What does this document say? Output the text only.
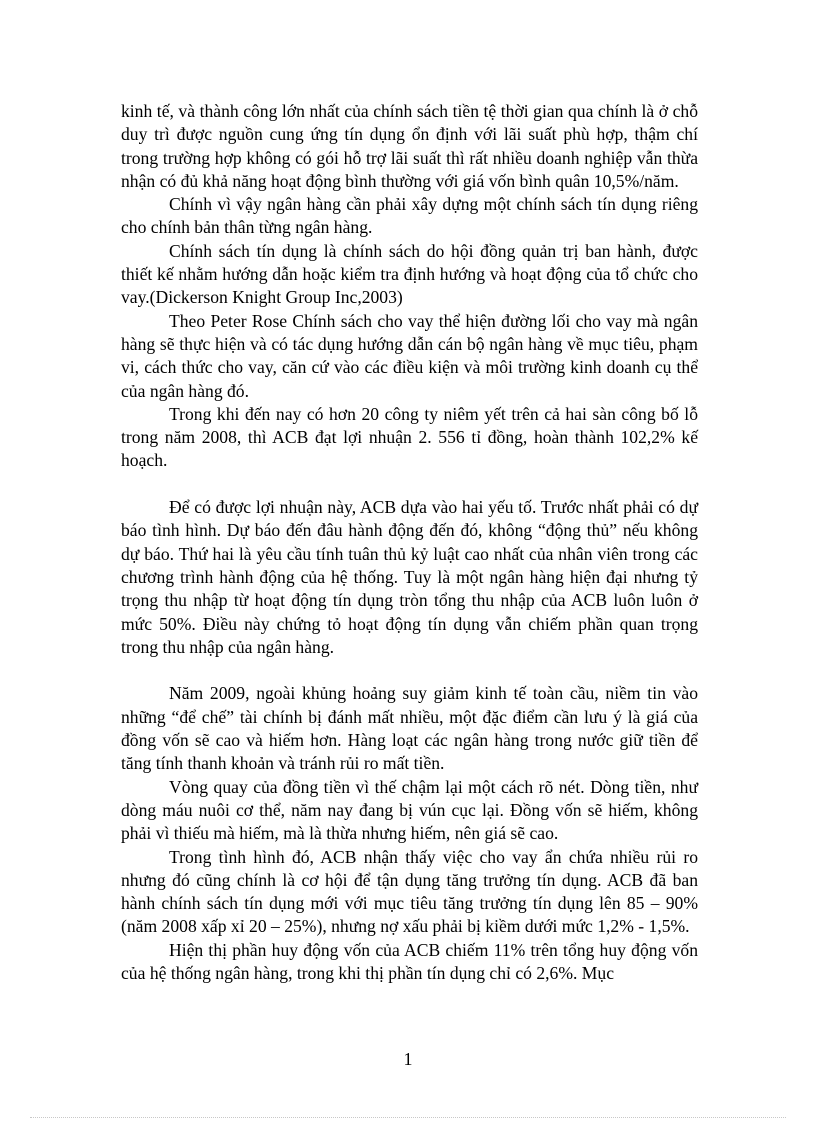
kinh tế, và thành công lớn nhất của chính sách tiền tệ thời gian qua chính là ở chỗ duy trì được nguồn cung ứng tín dụng ổn định với lãi suất phù hợp, thậm chí trong trường hợp không có gói hỗ trợ lãi suất thì rất nhiều doanh nghiệp vẫn thừa nhận có đủ khả năng hoạt động bình thường với giá vốn bình quân 10,5%/năm.

Chính vì vậy ngân hàng cần phải xây dựng một chính sách tín dụng riêng cho chính bản thân từng ngân hàng.

Chính sách tín dụng là chính sách do hội đồng quản trị ban hành, được thiết kế nhằm hướng dẫn hoặc kiểm tra định hướng và hoạt động của tổ chức cho vay.(Dickerson Knight Group Inc,2003)

Theo Peter Rose Chính sách cho vay thể hiện đường lối cho vay mà ngân hàng sẽ thực hiện và có tác dụng hướng dẫn cán bộ ngân hàng về mục tiêu, phạm vi, cách thức cho vay, căn cứ vào các điều kiện và môi trường kinh doanh cụ thể của ngân hàng đó.

Trong khi đến nay có hơn 20 công ty niêm yết trên cả hai sàn công bố lỗ trong năm 2008, thì ACB đạt lợi nhuận 2. 556 tỉ đồng, hoàn thành 102,2% kế hoạch.

Để có được lợi nhuận này, ACB dựa vào hai yếu tố. Trước nhất phải có dự báo tình hình. Dự báo đến đâu hành động đến đó, không “động thủ” nếu không dự báo. Thứ hai là yêu cầu tính tuân thủ kỷ luật cao nhất của nhân viên trong các chương trình hành động của hệ thống. Tuy là một ngân hàng hiện đại nhưng tỷ trọng thu nhập từ hoạt động tín dụng tròn tổng thu nhập của ACB luôn luôn ở mức 50%. Điều này chứng tỏ hoạt động tín dụng vẫn chiếm phần quan trọng trong thu nhập của ngân hàng.

Năm 2009, ngoài khủng hoảng suy giảm kinh tế toàn cầu, niềm tin vào những “để chế” tài chính bị đánh mất nhiều, một đặc điểm cần lưu ý là giá của đồng vốn sẽ cao và hiếm hơn. Hàng loạt các ngân hàng trong nước giữ tiền để tăng tính thanh khoản và tránh rủi ro mất tiền.

Vòng quay của đồng tiền vì thế chậm lại một cách rõ nét. Dòng tiền, như dòng máu nuôi cơ thể, năm nay đang bị vún cục lại. Đồng vốn sẽ hiếm, không phải vì thiếu mà hiếm, mà là thừa nhưng hiếm, nên giá sẽ cao.

Trong tình hình đó, ACB nhận thấy việc cho vay ẩn chứa nhiều rủi ro nhưng đó cũng chính là cơ hội để tận dụng tăng trưởng tín dụng. ACB đã ban hành chính sách tín dụng mới với mục tiêu tăng trưởng tín dụng lên 85 – 90% (năm 2008 xấp xỉ 20 – 25%), nhưng nợ xấu phải bị kiềm dưới mức 1,2% - 1,5%.

Hiện thị phần huy động vốn của ACB chiếm 11% trên tổng huy động vốn của hệ thống ngân hàng, trong khi thị phần tín dụng chỉ có 2,6%. Mục

1
